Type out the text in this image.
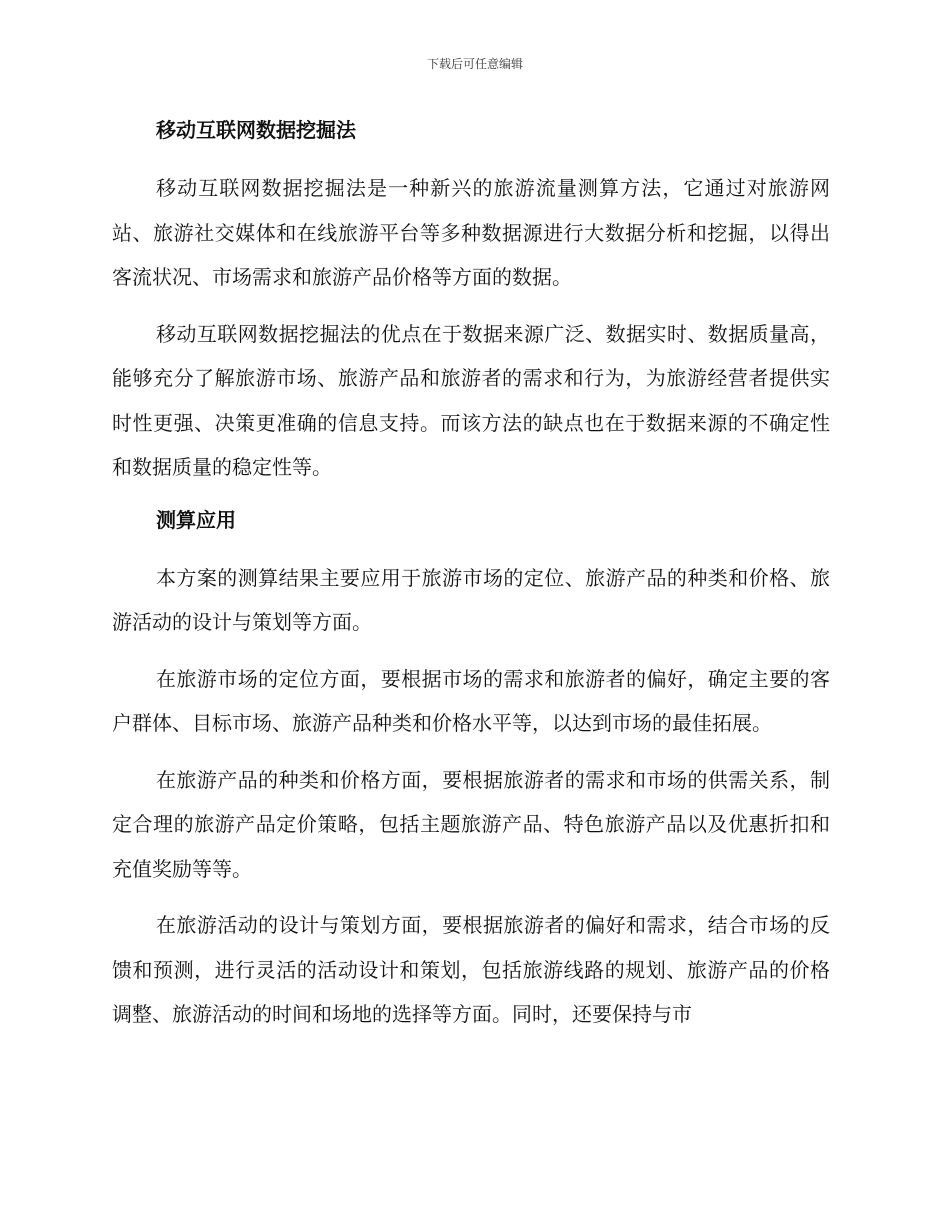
下载后可任意编辑
移动互联网数据挖掘法

移动互联网数据挖掘法是一种新兴的旅游流量测算方法，它通过对旅游网站、旅游社交媒体和在线旅游平台等多种数据源进行大数据分析和挖掘，以得出客流状况、市场需求和旅游产品价格等方面的数据。

移动互联网数据挖掘法的优点在于数据来源广泛、数据实时、数据质量高，能够充分了解旅游市场、旅游产品和旅游者的需求和行为，为旅游经营者提供实时性更强、决策更准确的信息支持。而该方法的缺点也在于数据来源的不确定性和数据质量的稳定性等。

测算应用

本方案的测算结果主要应用于旅游市场的定位、旅游产品的种类和价格、旅游活动的设计与策划等方面。

在旅游市场的定位方面，要根据市场的需求和旅游者的偏好，确定主要的客户群体、目标市场、旅游产品种类和价格水平等，以达到市场的最佳拓展。

在旅游产品的种类和价格方面，要根据旅游者的需求和市场的供需关系，制定合理的旅游产品定价策略，包括主题旅游产品、特色旅游产品以及优惠折扣和充值奖励等等。

在旅游活动的设计与策划方面，要根据旅游者的偏好和需求，结合市场的反馈和预测，进行灵活的活动设计和策划，包括旅游线路的规划、旅游产品的价格调整、旅游活动的时间和场地的选择等方面。同时，还要保持与市
